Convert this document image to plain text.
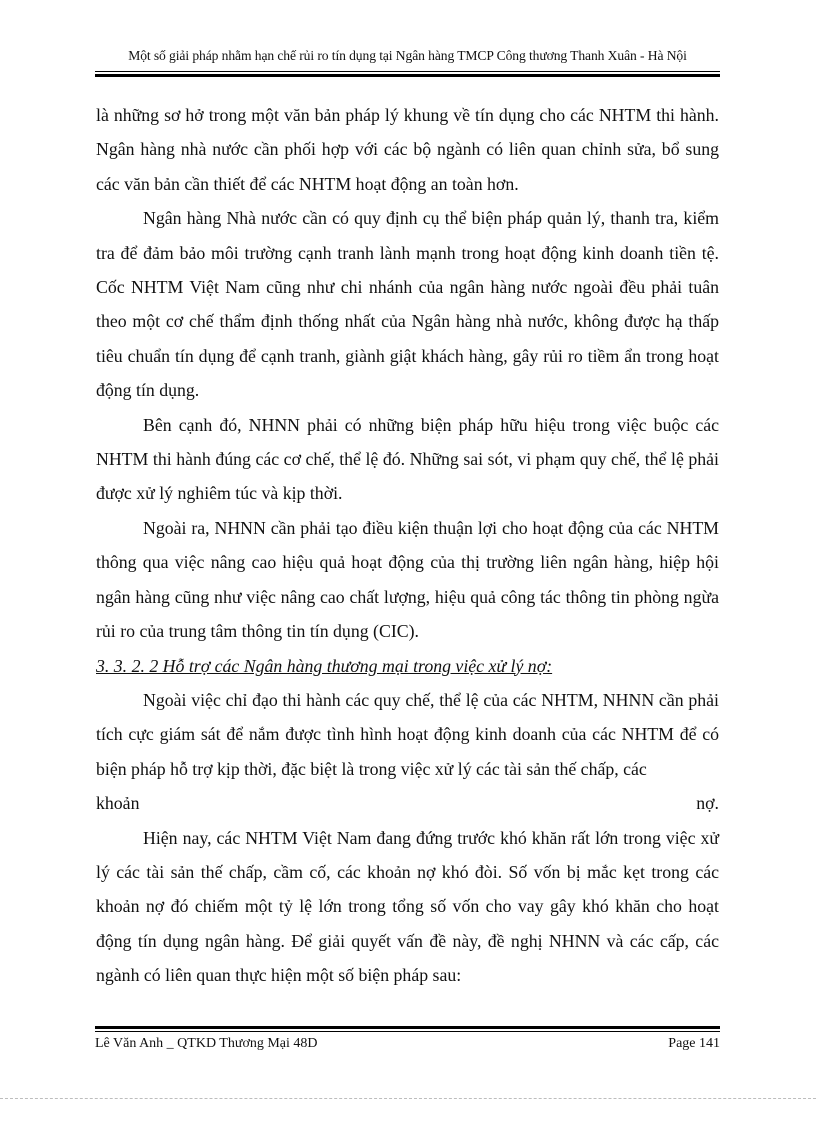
Một số giải pháp nhằm hạn chế rủi ro tín dụng tại Ngân hàng TMCP Công thương Thanh Xuân - Hà Nội

là những sơ hở trong một văn bản pháp lý khung về tín dụng cho các NHTM thi hành. Ngân hàng nhà nước cần phối hợp với các bộ ngành có liên quan chỉnh sửa, bổ sung các văn bản cần thiết để các NHTM hoạt động an toàn hơn.

Ngân hàng Nhà nước cần có quy định cụ thể biện pháp quản lý, thanh tra, kiểm tra để đảm bảo môi trường cạnh tranh lành mạnh trong hoạt động kinh doanh tiền tệ. Cốc NHTM Việt Nam cũng như chi nhánh của ngân hàng nước ngoài đều phải tuân theo một cơ chế thẩm định thống nhất của Ngân hàng nhà nước, không được hạ thấp tiêu chuẩn tín dụng để cạnh tranh, giành giật khách hàng, gây rủi ro tiềm ẩn trong hoạt động tín dụng.

Bên cạnh đó, NHNN phải có những biện pháp hữu hiệu trong việc buộc các NHTM thi hành đúng các cơ chế, thể lệ đó. Những sai sót, vi phạm quy chế, thể lệ phải được xử lý nghiêm túc và kịp thời.

Ngoài ra, NHNN cần phải tạo điều kiện thuận lợi cho hoạt động của các NHTM thông qua việc nâng cao hiệu quả hoạt động của thị trường liên ngân hàng, hiệp hội ngân hàng cũng như việc nâng cao chất lượng, hiệu quả công tác thông tin phòng ngừa rủi ro của trung tâm thông tin tín dụng (CIC).

3. 3. 2. 2 Hỗ trợ các Ngân hàng thương mại trong việc xử lý nợ:

Ngoài việc chỉ đạo thi hành các quy chế, thể lệ của các NHTM, NHNN cần phải tích cực giám sát để nắm được tình hình hoạt động kinh doanh của các NHTM để có biện pháp hỗ trợ kịp thời, đặc biệt là trong việc xử lý các tài sản thế chấp, các

khoản	nợ.

Hiện nay, các NHTM Việt Nam đang đứng trước khó khăn rất lớn trong việc xử lý các tài sản thế chấp, cầm cố, các khoản nợ khó đòi. Số vốn bị mắc kẹt trong các khoản nợ đó chiếm một tỷ lệ lớn trong tổng số vốn cho vay gây khó khăn cho hoạt động tín dụng ngân hàng. Để giải quyết vấn đề này, đề nghị NHNN và các cấp, các ngành có liên quan thực hiện một số biện pháp sau:

Lê Văn Anh _ QTKD Thương Mại 48D	Page 141
